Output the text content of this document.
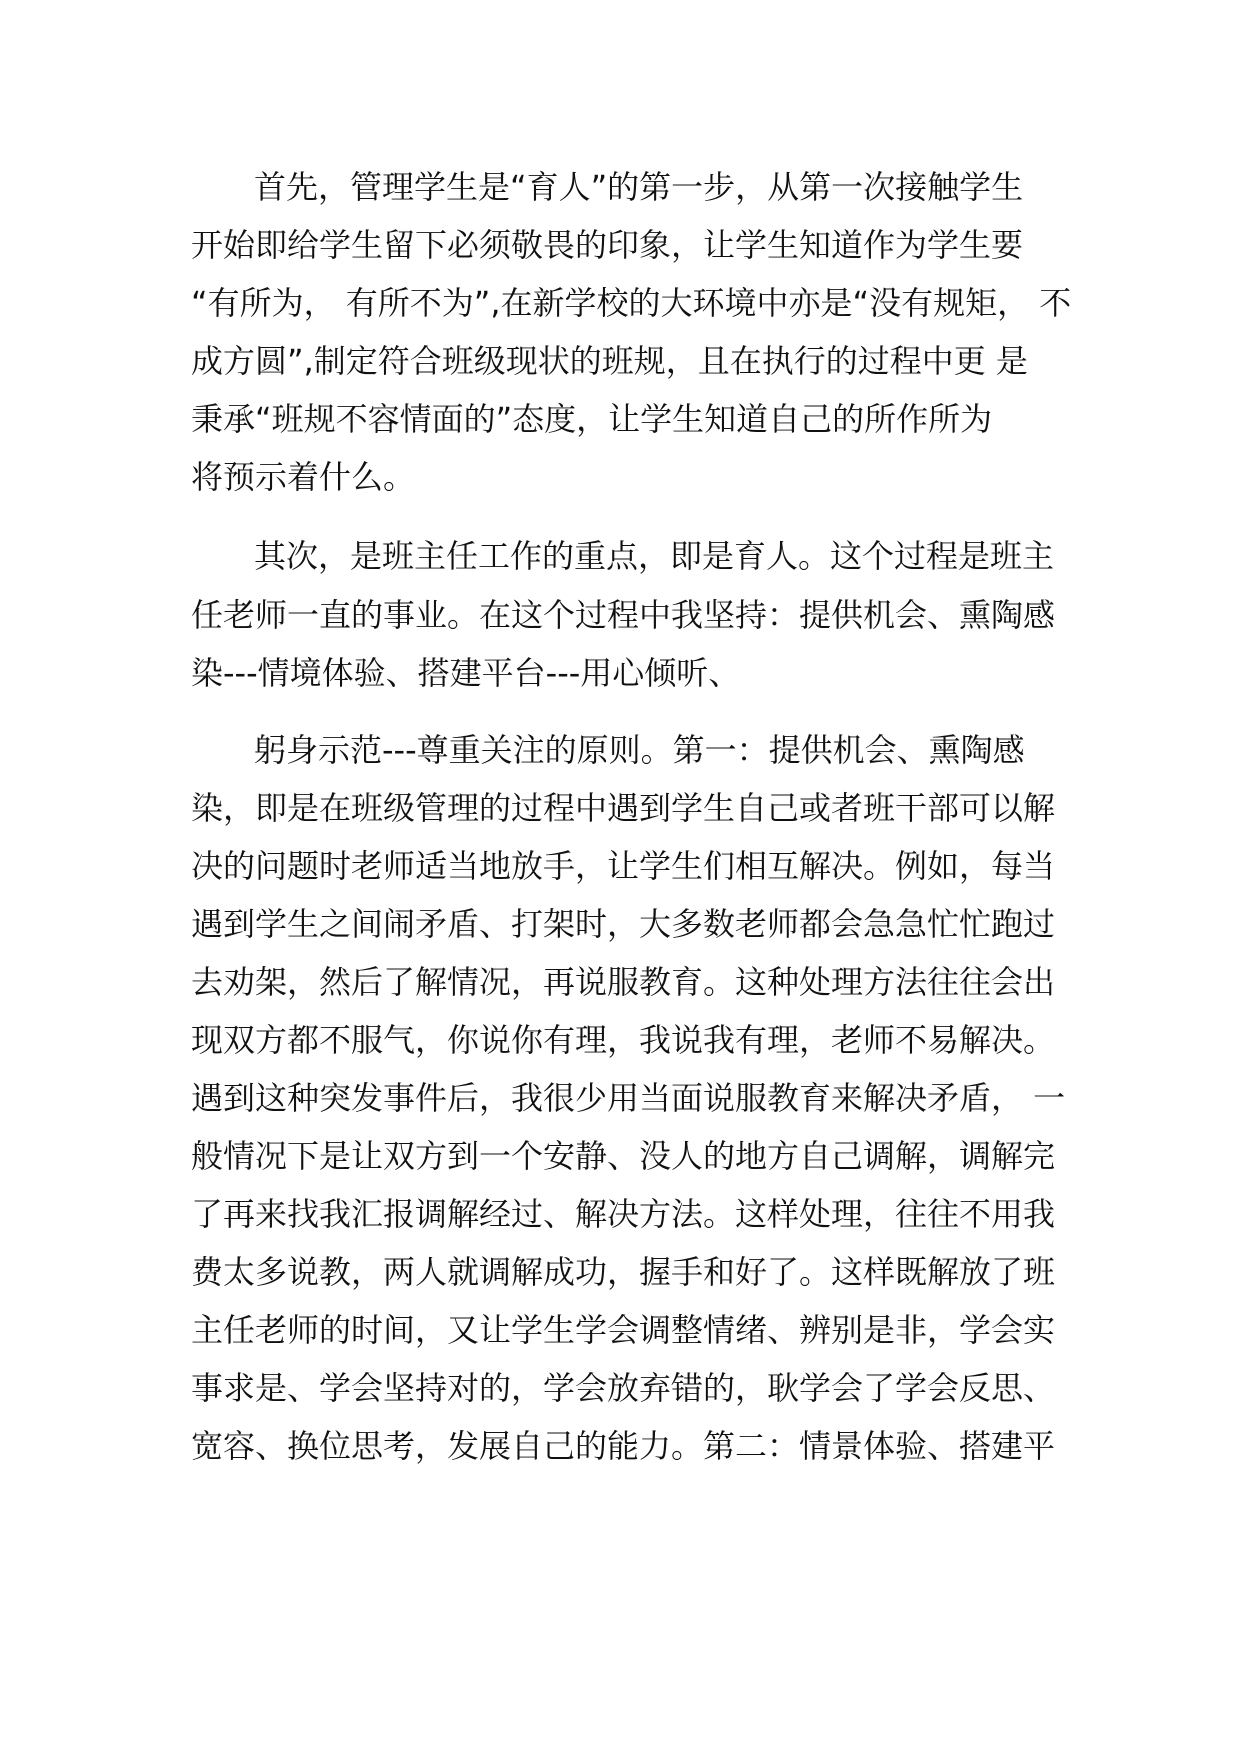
首先，管理学生是“育人”的第一步，从第一次接触学生

开始即给学生留下必须敬畏的印象，让学生知道作为学生要

“有所为， 有所不为”,在新学校的大环境中亦是“没有规矩， 不

成方圆”,制定符合班级现状的班规，且在执行的过程中更 是

秉承“班规不容情面的”态度，让学生知道自己的所作所为

将预示着什么。

其次，是班主任工作的重点，即是育人。这个过程是班主

任老师一直的事业。在这个过程中我坚持：提供机会、熏陶感

染---情境体验、搭建平台---用心倾听、

躬身示范---尊重关注的原则。第一：提供机会、熏陶感

染，即是在班级管理的过程中遇到学生自己或者班干部可以解

决的问题时老师适当地放手，让学生们相互解决。例如，每当

遇到学生之间闹矛盾、打架时，大多数老师都会急急忙忙跑过

去劝架，然后了解情况，再说服教育。这种处理方法往往会出

现双方都不服气，你说你有理，我说我有理，老师不易解决。

遇到这种突发事件后，我很少用当面说服教育来解决矛盾， 一

般情况下是让双方到一个安静、没人的地方自己调解，调解完

了再来找我汇报调解经过、解决方法。这样处理，往往不用我

费太多说教，两人就调解成功，握手和好了。这样既解放了班

主任老师的时间，又让学生学会调整情绪、辨别是非，学会实

事求是、学会坚持对的，学会放弃错的，耿学会了学会反思、

宽容、换位思考，发展自己的能力。第二：情景体验、搭建平
